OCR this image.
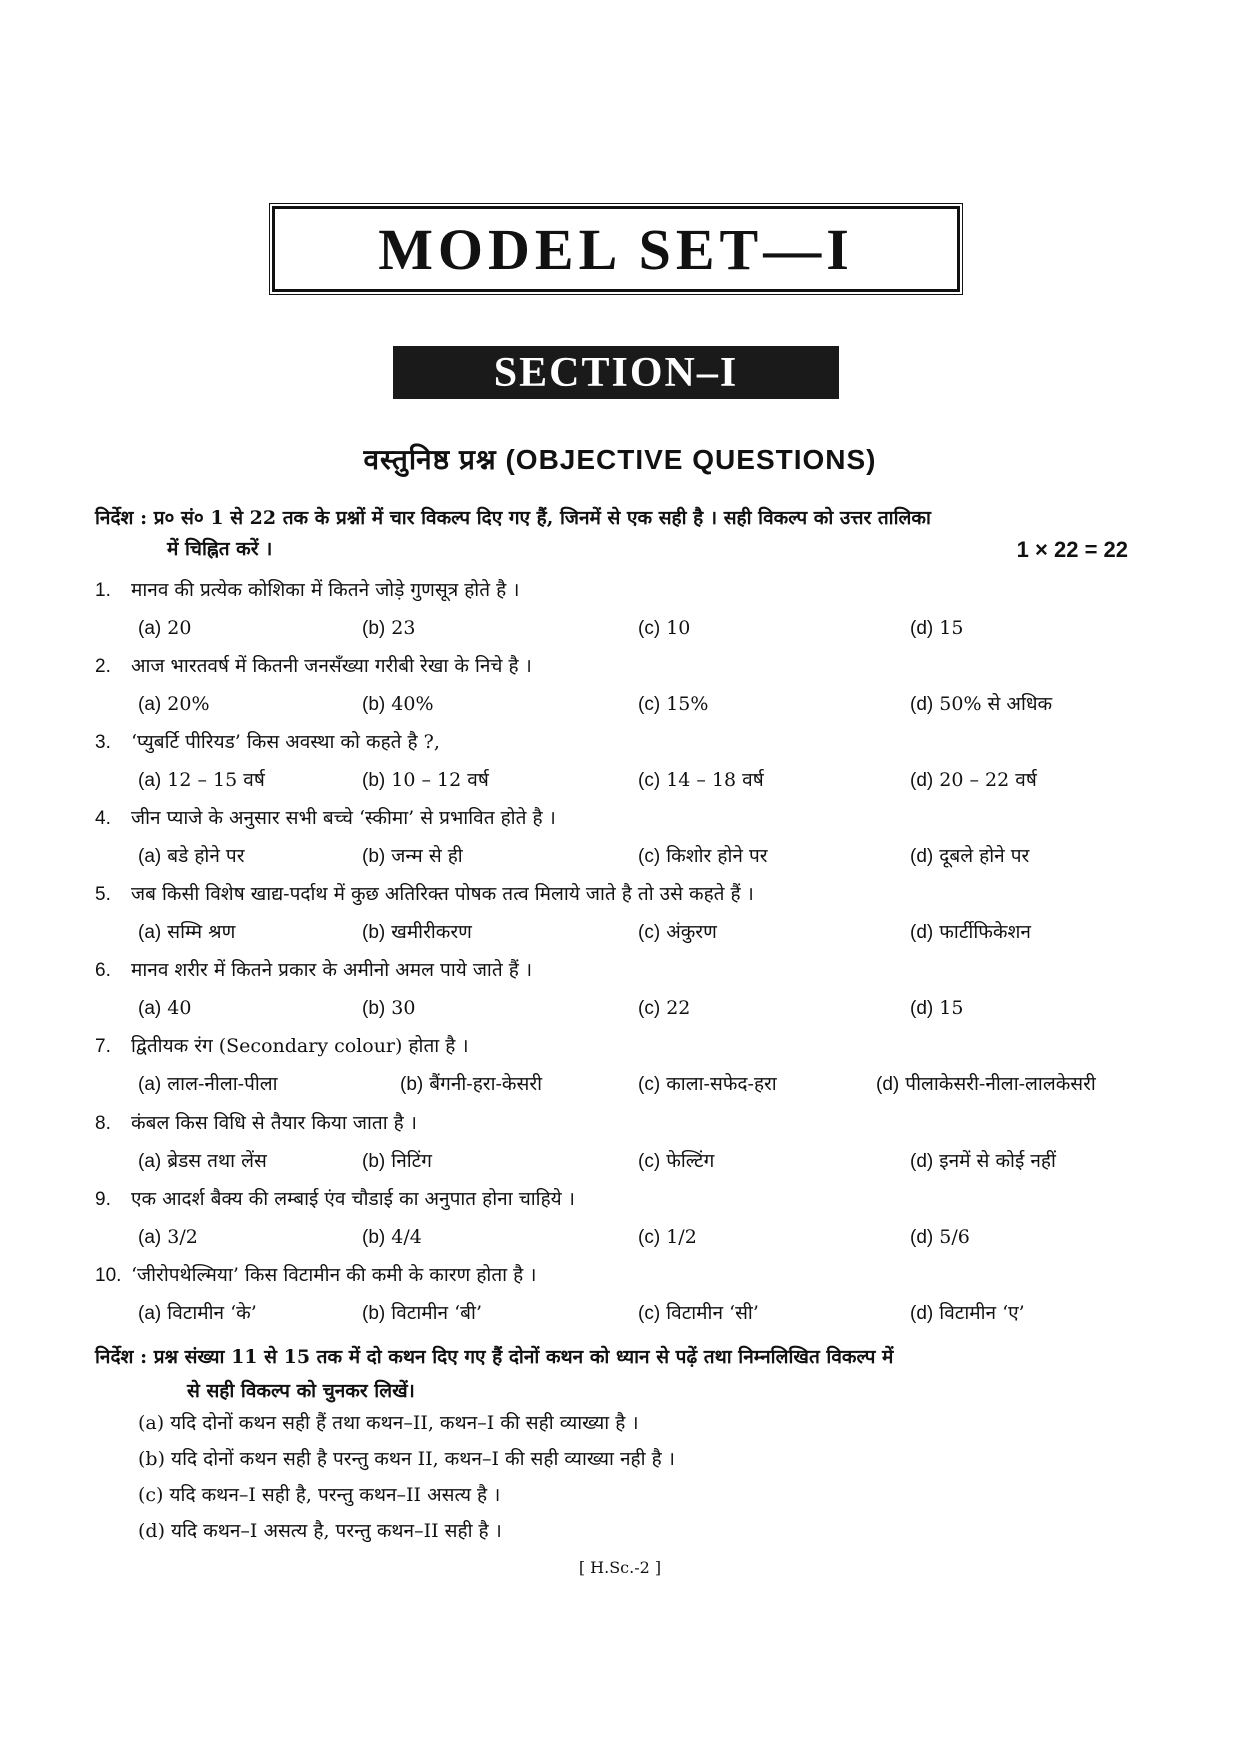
MODEL SET—I
SECTION–I
वस्तुनिष्ठ प्रश्न (OBJECTIVE QUESTIONS)
निर्देश : प्र० सं० 1 से 22 तक के प्रश्नों में चार विकल्प दिए गए हैं, जिनमें से एक सही है । सही विकल्प को उत्तर तालिका
में चिह्नित करें ।	1 × 22 = 22
1. मानव की प्रत्येक कोशिका में कितने जोड़े गुणसूत्र होते है ।
(a) 20	(b) 23	(c) 10	(d) 15
2. आज भारतवर्ष में कितनी जनसँख्या गरीबी रेखा के निचे है ।
(a) 20%	(b) 40%	(c) 15%	(d) 50% से अधिक
3. ‘प्युबर्टि पीरियड’ किस अवस्था को कहते है ?,
(a) 12 – 15 वर्ष	(b) 10 – 12 वर्ष	(c) 14 – 18 वर्ष	(d) 20 – 22 वर्ष
4. जीन प्याजे के अनुसार सभी बच्चे ‘स्कीमा’ से प्रभावित होते है ।
(a) बडे होने पर	(b) जन्म से ही	(c) किशोर होने पर	(d) दूबले होने पर
5. जब किसी विशेष खाद्य-पर्दाथ में कुछ अतिरिक्त पोषक तत्व मिलाये जाते है तो उसे कहते हैं ।
(a) सम्मि श्रण	(b) खमीरीकरण	(c) अंकुरण	(d) फार्टीफिकेशन
6. मानव शरीर में कितने प्रकार के अमीनो अमल पाये जाते हैं ।
(a) 40	(b) 30	(c) 22	(d) 15
7. द्वितीयक रंग (Secondary colour) होता है ।
(a) लाल-नीला-पीला	(b) बैंगनी-हरा-केसरी	(c) काला-सफेद-हरा	(d) पीलाकेसरी-नीला-लालकेसरी
8. कंबल किस विधि से तैयार किया जाता है ।
(a) ब्रेडस तथा लेंस	(b) निटिंग	(c) फेल्टिंग	(d) इनमें से कोई नहीं
9. एक आदर्श बैक्य की लम्बाई एंव चौडाई का अनुपात होना चाहिये ।
(a) 3/2	(b) 4/4	(c) 1/2	(d) 5/6
10. ‘जीरोपथेल्मिया’ किस विटामीन की कमी के कारण होता है ।
(a) विटामीन ‘के’	(b) विटामीन ‘बी’	(c) विटामीन ‘सी’	(d) विटामीन ‘ए’
निर्देश : प्रश्न संख्या 11 से 15 तक में दो कथन दिए गए हैं दोनों कथन को ध्यान से पढ़ें तथा निम्नलिखित विकल्प में
से सही विकल्प को चुनकर लिखें।
(a) यदि दोनों कथन सही हैं तथा कथन–II, कथन–I की सही व्याख्या है ।
(b) यदि दोनों कथन सही है परन्तु कथन II, कथन–I की सही व्याख्या नही है ।
(c) यदि कथन–I सही है, परन्तु कथन–II असत्य है ।
(d) यदि कथन–I असत्य है, परन्तु कथन–II सही है ।
[ H.Sc.-2 ]
